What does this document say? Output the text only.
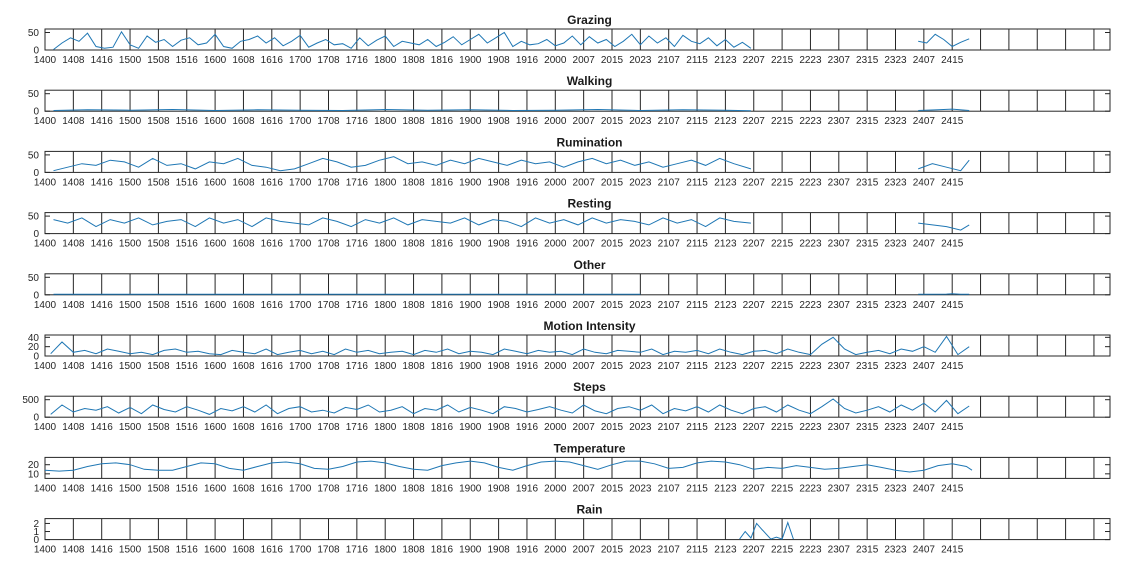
Grazing
50
0
1400 1408 1416 1500 1508 1516 1600 1608 1616 1700 1708 1716 1800 1808 1816 1900 1908 1916 2000 2007 2015 2023 2107 2115 2123 2207 2215 2223 2307 2315 2323 2407 2415
Walking
50
0
1400 1408 1416 1500 1508 1516 1600 1608 1616 1700 1708 1716 1800 1808 1816 1900 1908 1916 2000 2007 2015 2023 2107 2115 2123 2207 2215 2223 2307 2315 2323 2407 2415
Rumination
50
0
1400 1408 1416 1500 1508 1516 1600 1608 1616 1700 1708 1716 1800 1808 1816 1900 1908 1916 2000 2007 2015 2023 2107 2115 2123 2207 2215 2223 2307 2315 2323 2407 2415
Resting
50
0
1400 1408 1416 1500 1508 1516 1600 1608 1616 1700 1708 1716 1800 1808 1816 1900 1908 1916 2000 2007 2015 2023 2107 2115 2123 2207 2215 2223 2307 2315 2323 2407 2415
Other
50
0
1400 1408 1416 1500 1508 1516 1600 1608 1616 1700 1708 1716 1800 1808 1816 1900 1908 1916 2000 2007 2015 2023 2107 2115 2123 2207 2215 2223 2307 2315 2323 2407 2415
Motion Intensity
40
20
0
1400 1408 1416 1500 1508 1516 1600 1608 1616 1700 1708 1716 1800 1808 1816 1900 1908 1916 2000 2007 2015 2023 2107 2115 2123 2207 2215 2223 2307 2315 2323 2407 2415
Steps
500
0
1400 1408 1416 1500 1508 1516 1600 1608 1616 1700 1708 1716 1800 1808 1816 1900 1908 1916 2000 2007 2015 2023 2107 2115 2123 2207 2215 2223 2307 2315 2323 2407 2415
Temperature
20
10
1400 1408 1416 1500 1508 1516 1600 1608 1616 1700 1708 1716 1800 1808 1816 1900 1908 1916 2000 2007 2015 2023 2107 2115 2123 2207 2215 2223 2307 2315 2323 2407 2415
Rain
2
1
0
1400 1408 1416 1500 1508 1516 1600 1608 1616 1700 1708 1716 1800 1808 1816 1900 1908 1916 2000 2007 2015 2023 2107 2115 2123 2207 2215 2223 2307 2315 2323 2407 2415
